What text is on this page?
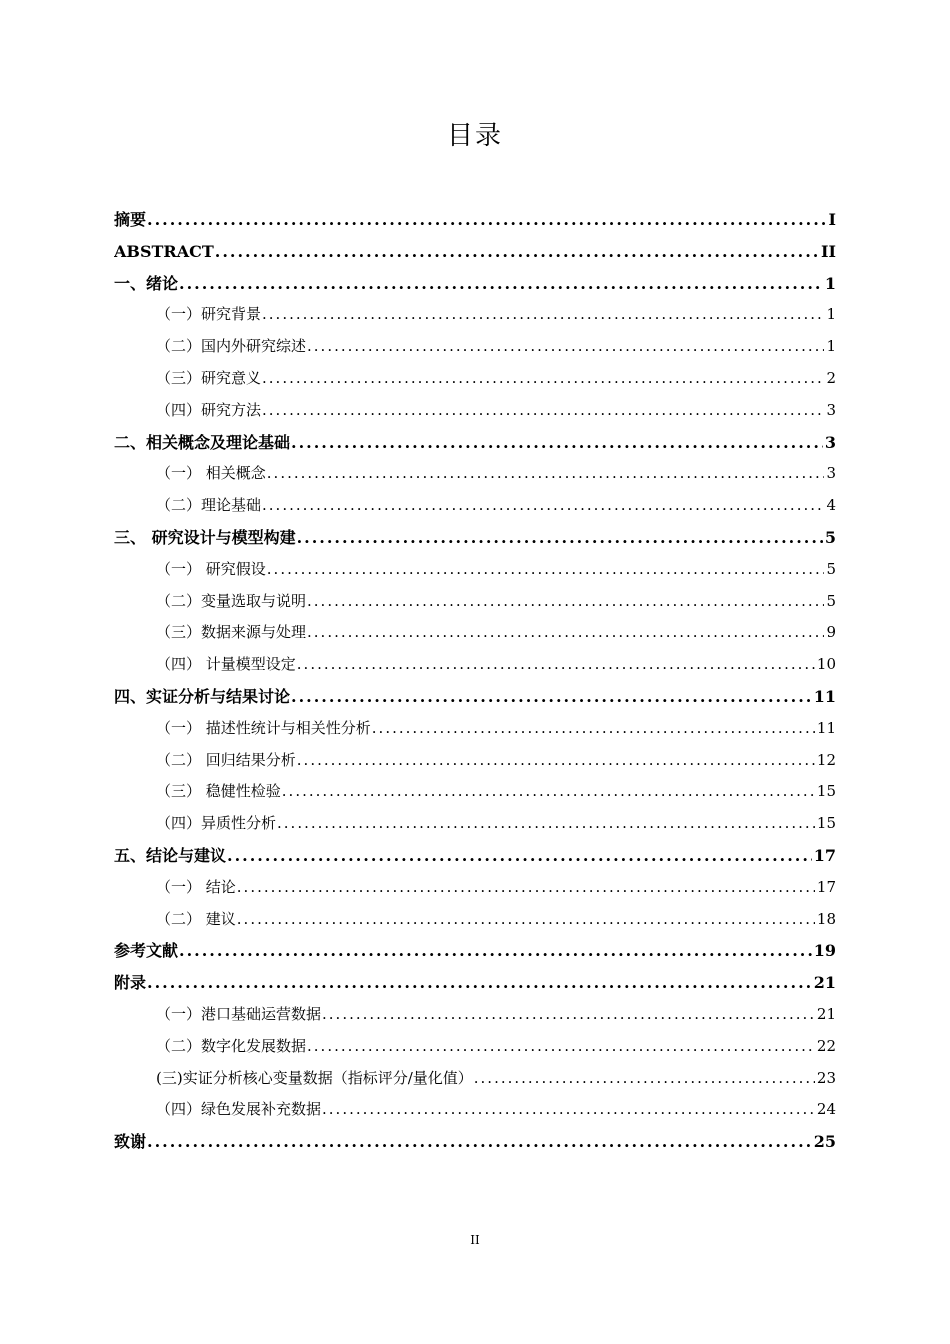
目录
摘要 .....	I
ABSTRACT .....	II
一、绪论 .....	1
（一）研究背景 .....	1
（二）国内外研究综述 .....	1
（三）研究意义 .....	2
（四）研究方法 .....	3
二、相关概念及理论基础 .....	3
（一） 相关概念 .....	3
（二）理论基础 .....	4
三、 研究设计与模型构建 .....	5
（一） 研究假设 .....	5
（二）变量选取与说明 .....	5
（三）数据来源与处理 .....	9
（四） 计量模型设定 .....	10
四、实证分析与结果讨论 .....	11
（一） 描述性统计与相关性分析 .....	11
（二） 回归结果分析 .....	12
（三） 稳健性检验 .....	15
（四）异质性分析 .....	15
五、结论与建议 .....	17
（一） 结论 .....	17
（二） 建议 .....	18
参考文献 .....	19
附录 .....	21
（一）港口基础运营数据 .....	21
（二）数字化发展数据 .....	22
(三)实证分析核心变量数据（指标评分/量化值） .....	23
（四）绿色发展补充数据 .....	24
致谢 .....	25
II
